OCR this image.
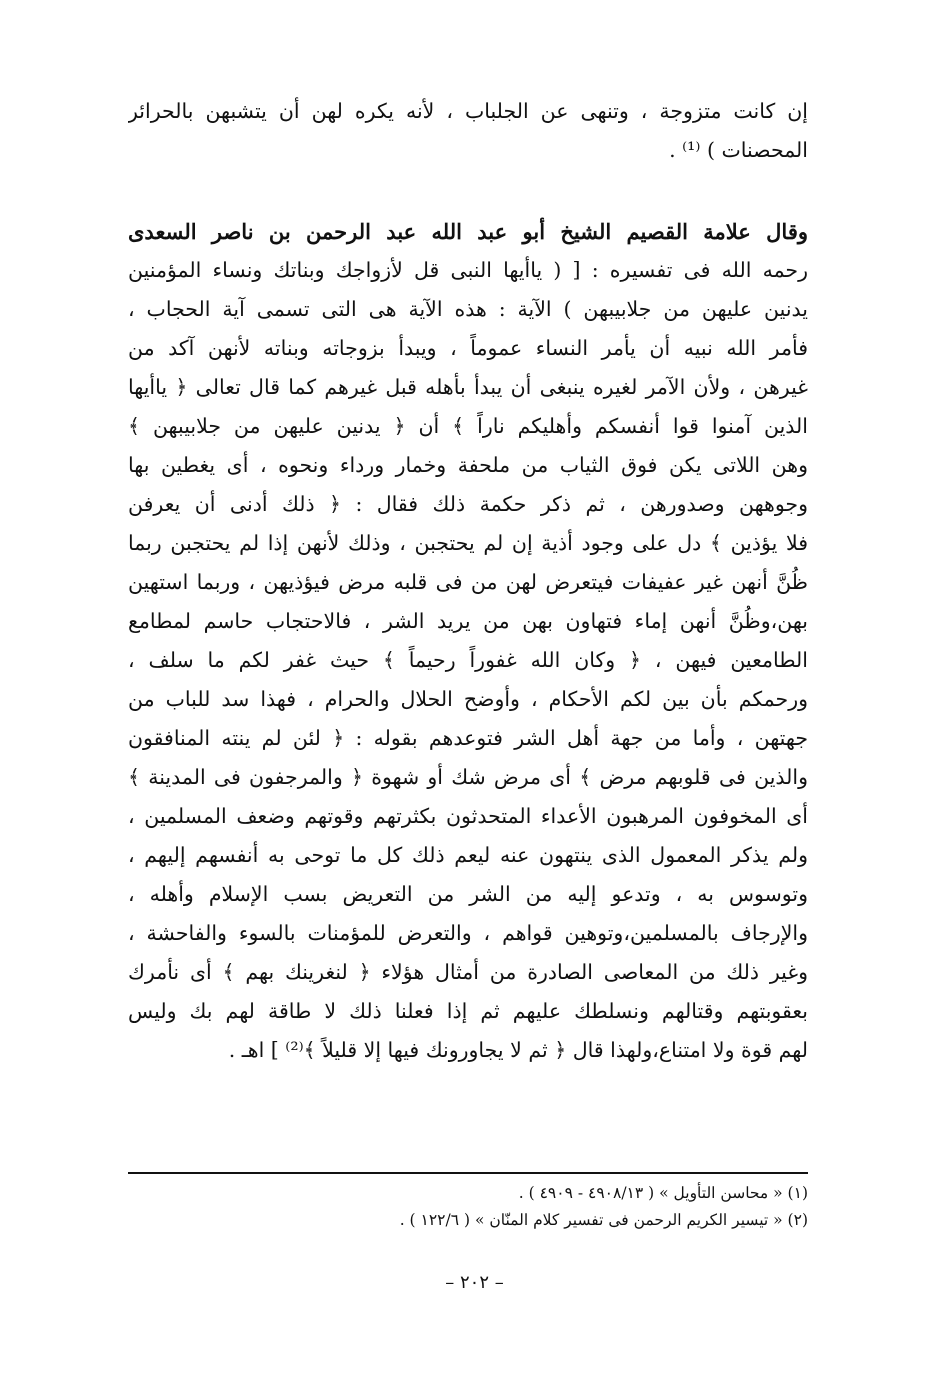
إن كانت متزوجة ، وتنهى عن الجلباب ، لأنه يكره لهن أن يتشبهن بالحرائر
المحصنات ) ⁽¹⁾ .
وقال علامة القصيم الشيخ أبو عبد الله عبد الرحمن بن ناصر السعدى
رحمه الله فى تفسيره : [ ( ياأيها النبى قل لأزواجك وبناتك ونساء المؤمنين
يدنين عليهن من جلابيبهن ) الآية : هذه الآية هى التى تسمى آية الحجاب ،
فأمر الله نبيه أن يأمر النساء عموماً ، ويبدأ بزوجاته وبناته لأنهن آكد من
غيرهن ، ولأن الآمر لغيره ينبغى أن يبدأ بأهله قبل غيرهم كما قال تعالى ﴿ ياأيها
الذين آمنوا قوا أنفسكم وأهليكم ناراً ﴾ أن ﴿ يدنين عليهن من جلابيبهن ﴾
وهن اللاتى يكن فوق الثياب من ملحفة وخمار ورداء ونحوه ، أى يغطين بها
وجوههن وصدورهن ، ثم ذكر حكمة ذلك فقال : ﴿ ذلك أدنى أن يعرفن
فلا يؤذين ﴾ دل على وجود أذية إن لم يحتجبن ، وذلك لأنهن إذا لم يحتجبن ربما
ظُنَّ أنهن غير عفيفات فيتعرض لهن من فى قلبه مرض فيؤذيهن ، وربما استهين
بهن،وظُنَّ أنهن إماء فتهاون بهن من يريد الشر ، فالاحتجاب حاسم لمطامع
الطامعين فيهن ، ﴿ وكان الله غفوراً رحيماً ﴾ حيث غفر لكم ما سلف ،
ورحمكم بأن بين لكم الأحكام ، وأوضح الحلال والحرام ، فهذا سد للباب من
جهتهن ، وأما من جهة أهل الشر فتوعدهم بقوله : ﴿ لئن لم ينته المنافقون
والذين فى قلوبهم مرض ﴾ أى مرض شك أو شهوة ﴿ والمرجفون فى المدينة ﴾
أى المخوفون المرهبون الأعداء المتحدثون بكثرتهم وقوتهم وضعف المسلمين ،
ولم يذكر المعمول الذى ينتهون عنه ليعم ذلك كل ما توحى به أنفسهم إليهم ،
وتوسوس به ، وتدعو إليه من الشر من التعريض بسب الإسلام وأهله ،
والإرجاف بالمسلمين،وتوهين قواهم ، والتعرض للمؤمنات بالسوء والفاحشة ،
وغير ذلك من المعاصى الصادرة من أمثال هؤلاء ﴿ لنغرينك بهم ﴾ أى نأمرك
بعقوبتهم وقتالهم ونسلطك عليهم ثم إذا فعلنا ذلك لا طاقة لهم بك وليس
لهم قوة ولا امتناع،ولهذا قال ﴿ ثم لا يجاورونك فيها إلا قليلاً ﴾⁽²⁾ ] اهـ .
(١) « محاسن التأويل » ( ٤٩٠٨/١٣ - ٤٩٠٩ ) .
(٢) « تيسير الكريم الرحمن فى تفسير كلام المنّان » ( ١٢٢/٦ ) .
– ٢٠٢ –
